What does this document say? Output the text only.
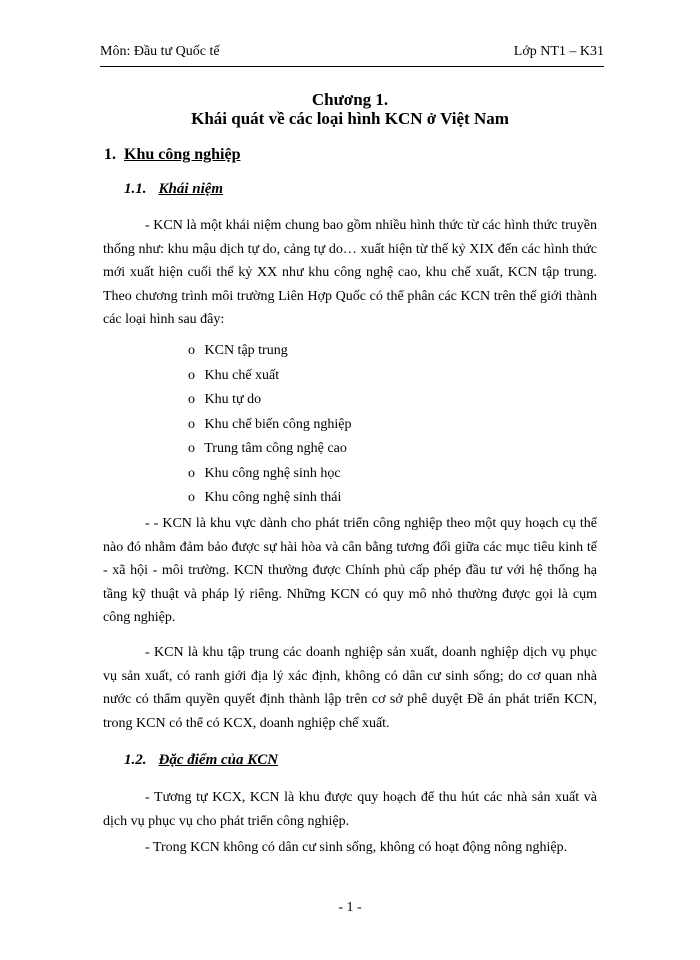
Môn: Đầu tư Quốc tế	Lớp NT1 – K31
Chương 1.
Khái quát về các loại hình KCN ở Việt Nam
1. Khu công nghiệp
1.1. Khái niệm
- KCN là một khái niệm chung bao gồm nhiều hình thức từ các hình thức truyền thống như: khu mậu dịch tự do, cảng tự do… xuất hiện từ thế kỷ XIX đến các hình thức mới xuất hiện cuối thế kỷ XX như khu công nghệ cao, khu chế xuất, KCN tập trung. Theo chương trình môi trường Liên Hợp Quốc có thể phân các KCN trên thế giới thành các loại hình sau đây:
o KCN tập trung
o Khu chế xuất
o Khu tự do
o Khu chế biến công nghiệp
o Trung tâm công nghệ cao
o Khu công nghệ sinh học
o Khu công nghệ sinh thái
- - KCN là khu vực dành cho phát triển công nghiệp theo một quy hoạch cụ thể nào đó nhằm đảm bảo được sự hài hòa và cân bằng tương đối giữa các mục tiêu kinh tế - xã hội - môi trường. KCN thường được Chính phủ cấp phép đầu tư với hệ thống hạ tầng kỹ thuật và pháp lý riêng. Những KCN có quy mô nhỏ thường được gọi là cụm công nghiệp.
- KCN là khu tập trung các doanh nghiệp sản xuất, doanh nghiệp dịch vụ phục vụ sản xuất, có ranh giới địa lý xác định, không có dân cư sinh sống; do cơ quan nhà nước có thẩm quyền quyết định thành lập trên cơ sở phê duyệt Đề án phát triển KCN, trong KCN có thể có KCX, doanh nghiệp chế xuất.
1.2. Đặc điểm của KCN
- Tương tự KCX, KCN là khu được quy hoạch để thu hút các nhà sản xuất và dịch vụ phục vụ cho phát triển công nghiệp.
- Trong KCN không có dân cư sinh sống, không có hoạt động nông nghiệp.
- 1 -
